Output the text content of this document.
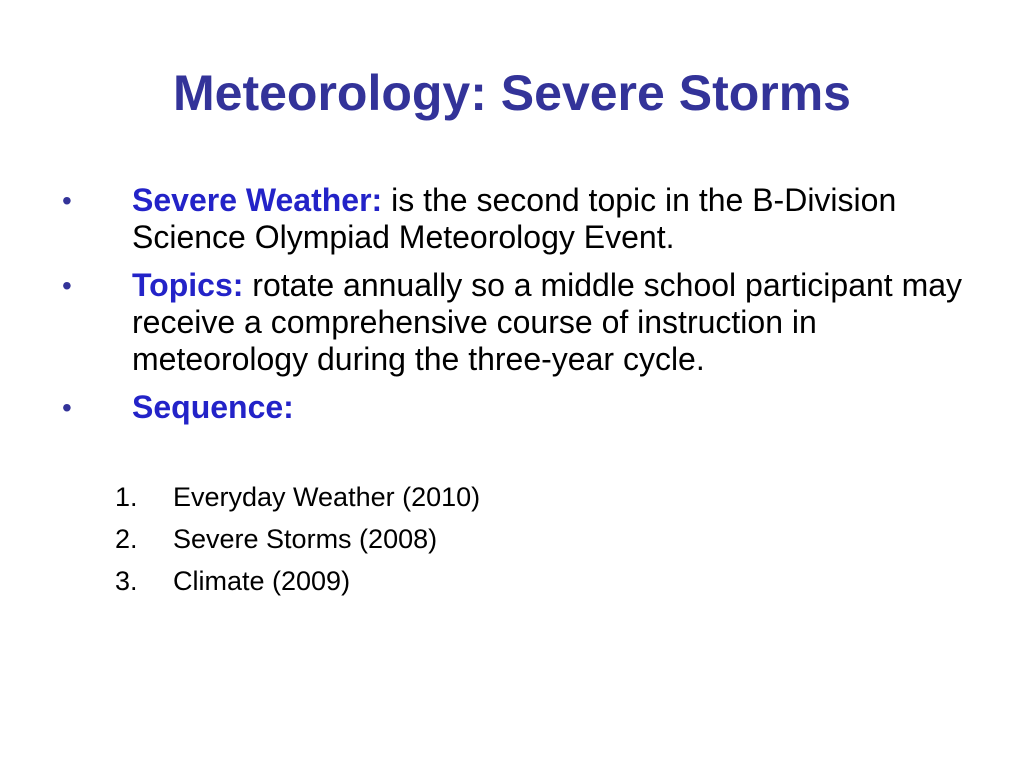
Meteorology: Severe Storms
•	Severe Weather: is the second topic in the B-Division Science Olympiad Meteorology Event.
•	Topics: rotate annually so a middle school participant may receive a comprehensive course of instruction in meteorology during the three-year cycle.
•	Sequence:
1. Everyday Weather (2010)
2. Severe Storms (2008)
3. Climate (2009)
